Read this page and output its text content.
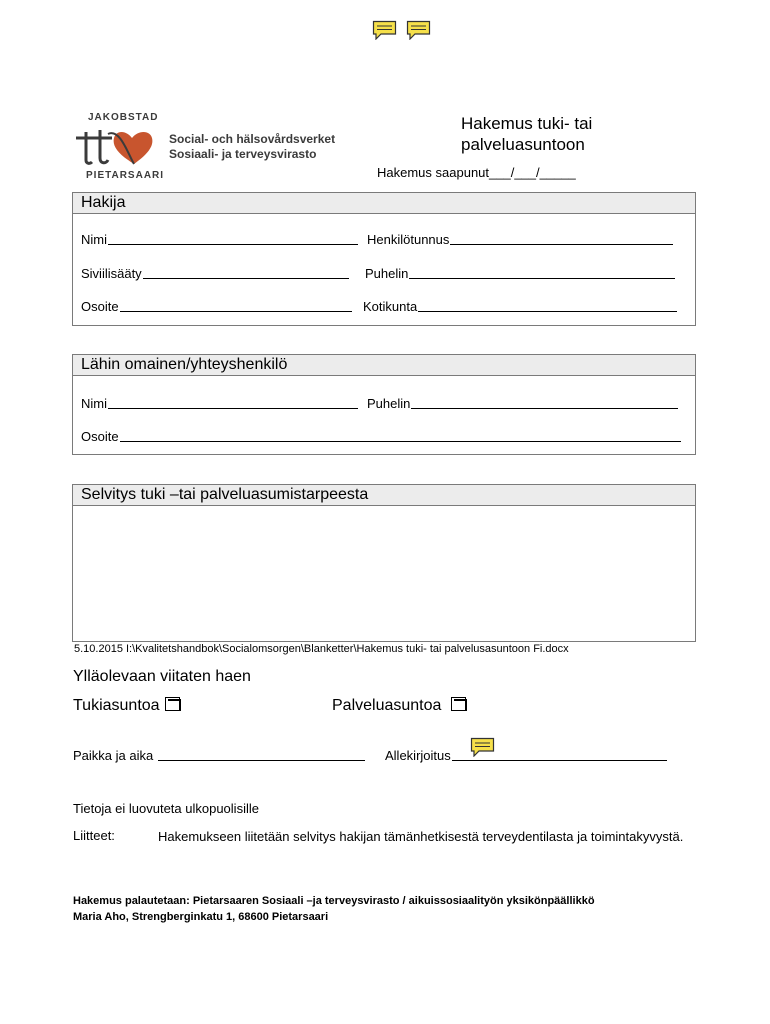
JAKOBSTAD
PIETARSAARI
Social- och hälsovårdsverket
Sosiaali- ja terveysvirasto
Hakemus tuki- tai palveluasuntoon
Hakemus saapunut___/___/_____
Hakija
Nimi	Henkilötunnus
Siviilisääty	Puhelin
Osoite	Kotikunta
Lähin omainen/yhteyshenkilö
Nimi	Puhelin
Osoite
Selvitys tuki –tai palveluasumistarpeesta
5.10.2015 I:\Kvalitetshandbok\Socialomsorgen\Blanketter\Hakemus tuki- tai palvelusasuntoon Fi.docx
Ylläolevaan viitaten haen
Tukiasuntoa	Palveluasuntoa
Paikka ja aika	Allekirjoitus
Tietoja ei luovuteta ulkopuolisille
Liitteet:	Hakemukseen liitetään selvitys hakijan tämänhetkisestä terveydentilasta ja toimintakyvystä.
Hakemus palautetaan: Pietarsaaren Sosiaali –ja terveysvirasto / aikuissosiaalityön yksikönpäällikkö
Maria Aho, Strengberginkatu 1, 68600 Pietarsaari
